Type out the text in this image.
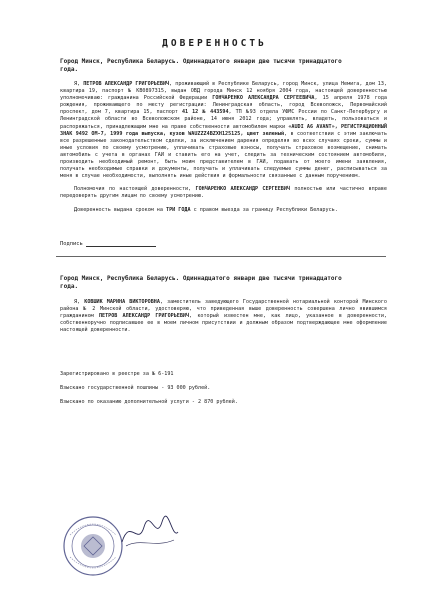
ДОВЕРЕННОСТЬ
Город Минск, Республика Беларусь. Одиннадцатого январи две тысячи тринадцатого года.

Я, ПЕТРОВ АЛЕКСАНДР ГРИГОРЬЕВИЧ, проживающий в Республике Беларусь, город Минск, улица Немига, дом 13, квартира 19, паспорт № КВ0897315, выдан ОВД города Минск 12 ноября 2004 года, настоящей доверенностью уполномочиваю: гражданина Российской Федерации ГОНЧАРЕНКО АЛЕКСАНДРА СЕРГЕЕВИЧА, 15 апреля 1978 года рождения, проживающего по месту регистрации: Ленинградская область, город Всеволожск, Первомайский проспект, дом 7, квартира 15, паспорт 41 12 № 443594, ТП №93 отдела УФМС России по Санкт-Петербургу и Ленинградской области во Всеволожском районе, 14 июня 2012 года; управлять, владеть, пользоваться и распоряжаться, принадлежащим мне на праве собственности автомобилем марки «AUDI A6 AVANT», РЕГИСТРАЦИОННЫЙ ЗНАК 9492 ОМ-7, 1999 года выпуска, кузов WAUZZZ4BZXH125125, цвет зеленый, в соответствии с этим заключать все разрешенные законодательством сделки, за исключением дарения определяя во всех случаях сроки, суммы и иные условия по своему усмотрению, уплачивать страховые взносы, получать страховое возмещение, снимать автомобиль с учета в органах ГАИ и ставить его на учет, следить за техническим состоянием автомобиля, производить необходимый ремонт, быть моим представителем в ГАИ, подавать от моего имени заявления, получать необходимые справки и документы, получать и уплачивать следуемые суммы денег, расписываться за меня в случае необходимости, выполнять иные действия и формальности связанные с данным поручением.

Полномочия по настоящей доверенности, ГОНЧАРЕНКО АЛЕКСАНДР СЕРГЕЕВИЧ полностью или частично вправе передоверять другим лицам по своему усмотрению.

Доверенность выдана сроком на ТРИ ГОДА с правом выезда за границу Республики Беларусь.

Подпись
Город Минск, Республика Беларусь. Одиннадцатого январи две тысячи тринадцатого года.

Я, КОВШИК МАРИНА ВИКТОРОВНА, заместитель заведующего Государственной нотариальной конторой Минского района № 2 Минской области, удостоверяю, что приведенная выше доверенность совершена лично явившимся гражданином ПЕТРОВ АЛЕКСАНДР ГРИГОРЬЕВИЧ, который известен мне, как лицо, указанное в доверенности, собственноручно подписавшее ее в моем личном присутствии и должным образом подтверждающее мне оформление настоящей доверенности.

Зарегистрировано в реестре за № 6-191

Взыскано государственной пошлины - 93 000 рублей.

Взыскано по оказанию дополнительной услуги - 2 870 рублей.
